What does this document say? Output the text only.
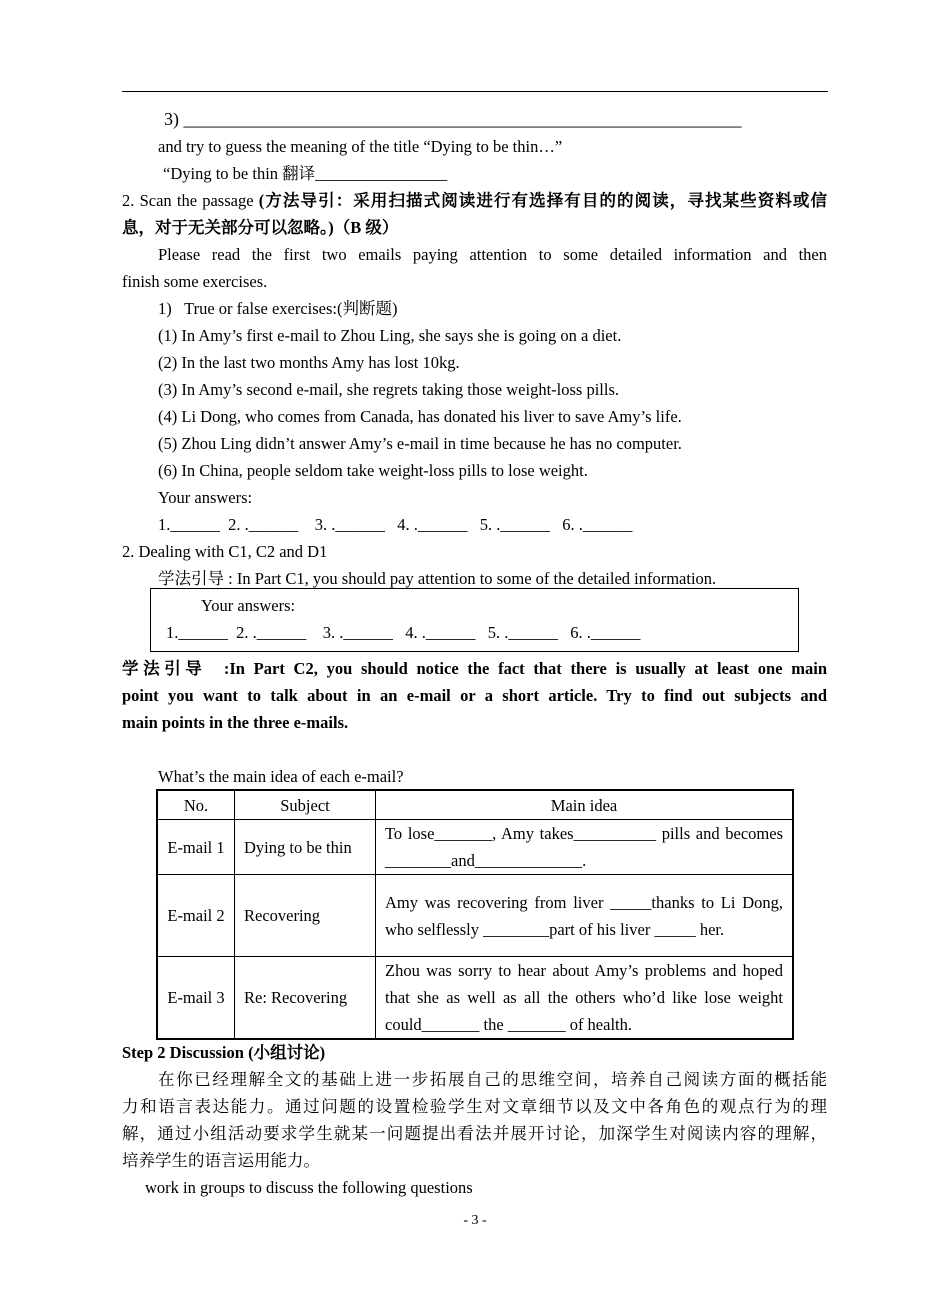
3) ______________________________________________________________
and try to guess the meaning of the title “Dying to be thin…”
“Dying to be thin 翻译________________
2. Scan the passage (方法导引：采用扫描式阅读进行有选择有目的的阅读，寻找某些资料或信
息，对于无关部分可以忽略。)（B 级）
Please read the first two emails paying attention to some detailed information and then
finish some exercises.
1)   True or false exercises:(判断题)
(1) In Amy’s first e-mail to Zhou Ling, she says she is going on a diet.
(2) In the last two months Amy has lost 10kg.
(3) In Amy’s second e-mail, she regrets taking those weight-loss pills.
(4) Li Dong, who comes from Canada, has donated his liver to save Amy’s life.
(5) Zhou Ling didn’t answer Amy’s e-mail in time because he has no computer.
(6) In China, people seldom take weight-loss pills to lose weight.
Your answers:
1.______  2. .______    3. .______   4. .______   5. .______   6. .______
2. Dealing with C1, C2 and D1
学法引导 : In Part C1, you should pay attention to some of the detailed information.
Your answers:
1.______  2. .______    3. .______   4. .______   5. .______   6. .______
学法引导  :In Part C2, you should notice the fact that there is usually at least one main
point you want to talk about in an e-mail or a short article. Try to find out subjects and
main points in the three e-mails.
What’s the main idea of each e-mail?
No.	Subject	Main idea
E-mail 1	Dying to be thin	To lose_______, Amy takes__________ pills and becomes ________and_____________.
E-mail 2	Recovering	Amy was recovering from liver _____thanks to Li Dong, who selflessly ________part of his liver _____ her.
E-mail 3	Re: Recovering	Zhou was sorry to hear about Amy’s problems and hoped that she as well as all the others who’d like lose weight could_______ the _______ of health.
Step 2 Discussion (小组讨论)
在你已经理解全文的基础上进一步拓展自己的思维空间，培养自己阅读方面的概括能
力和语言表达能力。通过问题的设置检验学生对文章细节以及文中各角色的观点行为的理
解，通过小组活动要求学生就某一问题提出看法并展开讨论，加深学生对阅读内容的理解，
培养学生的语言运用能力。
work in groups to discuss the following questions
- 3 -
